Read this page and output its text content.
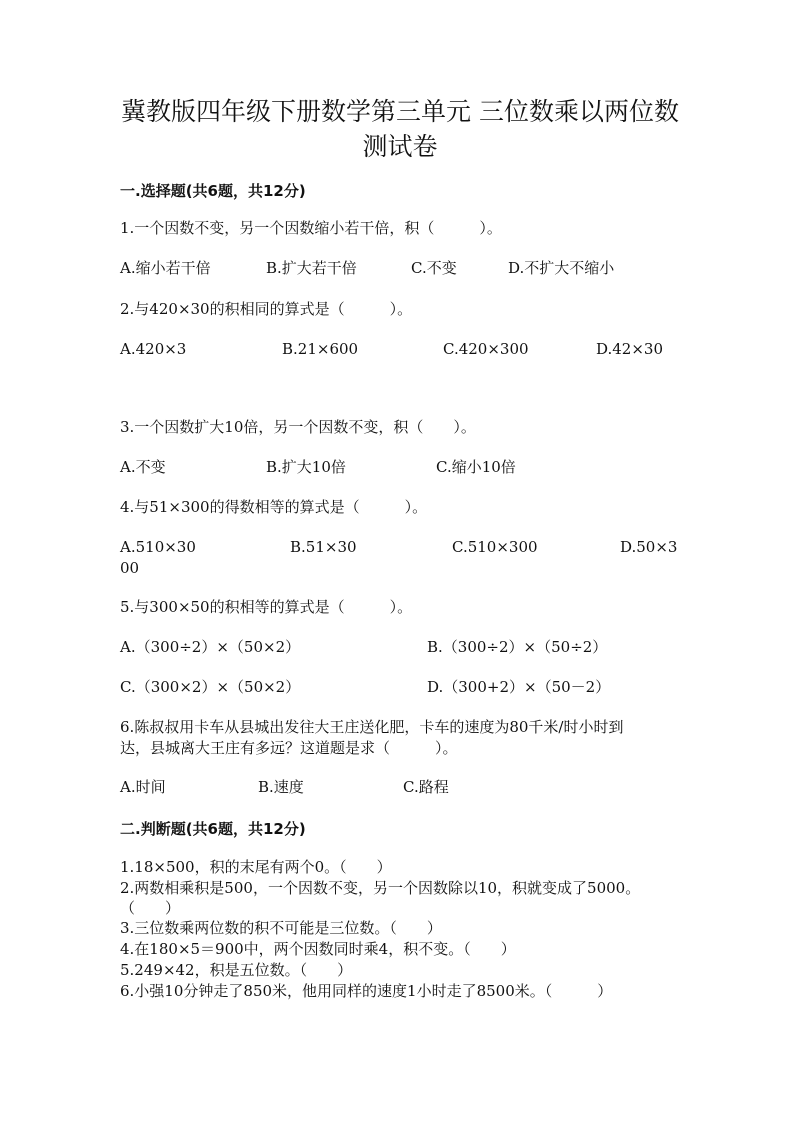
冀教版四年级下册数学第三单元 三位数乘以两位数
测试卷
一.选择题(共6题，共12分)
1.一个因数不变，另一个因数缩小若干倍，积（　　　）。
A.缩小若干倍	B.扩大若干倍	C.不变	D.不扩大不缩小
2.与420×30的积相同的算式是（　　　）。
A.420×3	B.21×600	C.420×300	D.42×30
3.一个因数扩大10倍，另一个因数不变，积（　　）。
A.不变	B.扩大10倍	C.缩小10倍
4.与51×300的得数相等的算式是（　　　）。
A.510×30	B.51×30	C.510×300	D.50×3
00
5.与300×50的积相等的算式是（　　　）。
A.（300÷2）×（50×2）	B.（300÷2）×（50÷2）
C.（300×2）×（50×2）	D.（300+2）×（50－2）
6.陈叔叔用卡车从县城出发往大王庄送化肥，卡车的速度为80千米/时小时到
达，县城离大王庄有多远？这道题是求（　　　）。
A.时间	B.速度	C.路程
二.判断题(共6题，共12分)
1.18×500，积的末尾有两个0。（　　）
2.两数相乘积是500，一个因数不变，另一个因数除以10，积就变成了5000。
（　　）
3.三位数乘两位数的积不可能是三位数。（　　）
4.在180×5＝900中，两个因数同时乘4，积不变。（　　）
5.249×42，积是五位数。（　　）
6.小强10分钟走了850米，他用同样的速度1小时走了8500米。（　　　）
